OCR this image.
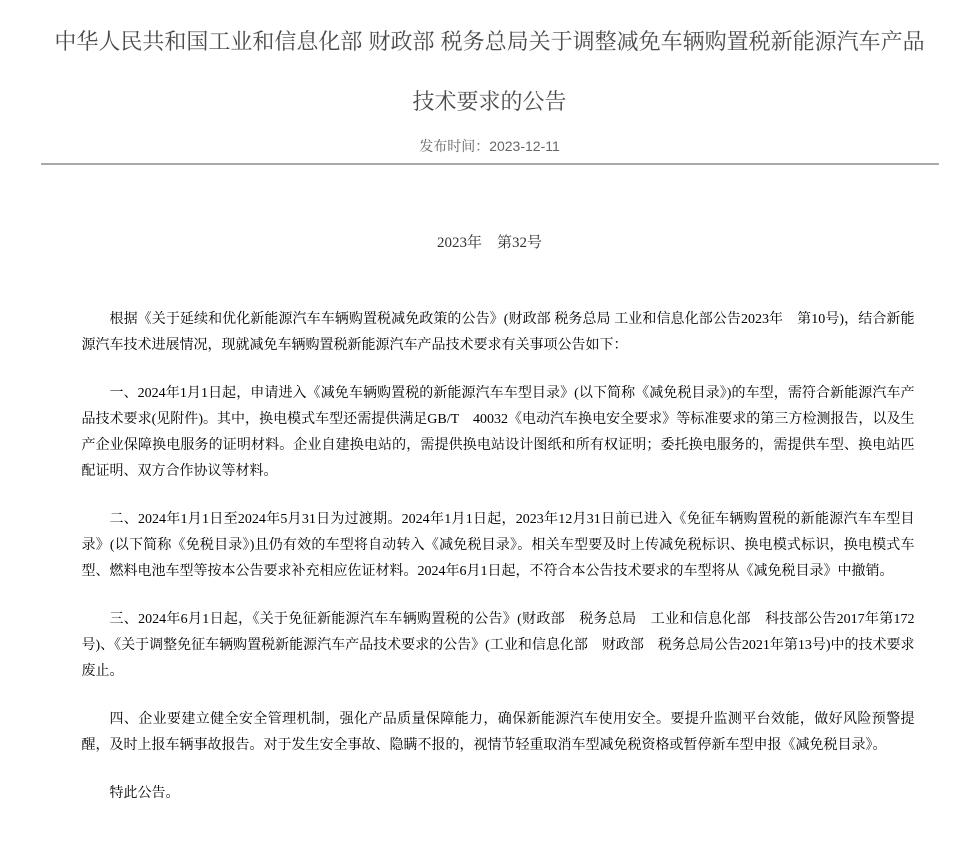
中华人民共和国工业和信息化部 财政部 税务总局关于调整减免车辆购置税新能源汽车产品技术要求的公告
发布时间：2023-12-11
2023年　第32号

根据《关于延续和优化新能源汽车车辆购置税减免政策的公告》(财政部 税务总局 工业和信息化部公告2023年　第10号)，结合新能源汽车技术进展情况，现就减免车辆购置税新能源汽车产品技术要求有关事项公告如下：

一、2024年1月1日起，申请进入《减免车辆购置税的新能源汽车车型目录》(以下简称《减免税目录》)的车型，需符合新能源汽车产品技术要求(见附件)。其中，换电模式车型还需提供满足GB/T　40032《电动汽车换电安全要求》等标准要求的第三方检测报告，以及生产企业保障换电服务的证明材料。企业自建换电站的，需提供换电站设计图纸和所有权证明；委托换电服务的，需提供车型、换电站匹配证明、双方合作协议等材料。

二、2024年1月1日至2024年5月31日为过渡期。2024年1月1日起，2023年12月31日前已进入《免征车辆购置税的新能源汽车车型目录》(以下简称《免税目录》)且仍有效的车型将自动转入《减免税目录》。相关车型要及时上传减免税标识、换电模式标识，换电模式车型、燃料电池车型等按本公告要求补充相应佐证材料。2024年6月1日起，不符合本公告技术要求的车型将从《减免税目录》中撤销。

三、2024年6月1日起，《关于免征新能源汽车车辆购置税的公告》(财政部　税务总局　工业和信息化部　科技部公告2017年第172号)、《关于调整免征车辆购置税新能源汽车产品技术要求的公告》(工业和信息化部　财政部　税务总局公告2021年第13号)中的技术要求废止。

四、企业要建立健全安全管理机制，强化产品质量保障能力，确保新能源汽车使用安全。要提升监测平台效能，做好风险预警提醒，及时上报车辆事故报告。对于发生安全事故、隐瞒不报的，视情节轻重取消车型减免税资格或暂停新车型申报《减免税目录》。

特此公告。
